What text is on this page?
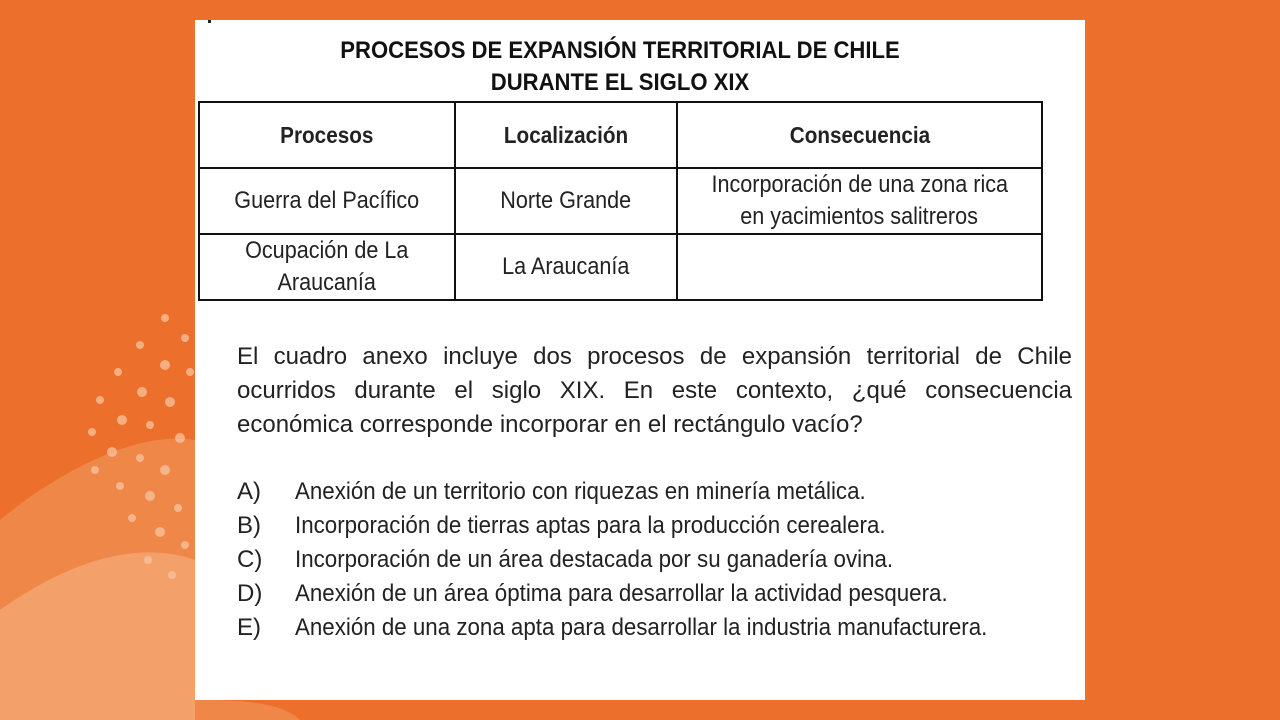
PROCESOS DE EXPANSIÓN TERRITORIAL DE CHILE
DURANTE EL SIGLO XIX
Procesos	Localización	Consecuencia
Guerra del Pacífico	Norte Grande	Incorporación de una zona rica
en yacimientos salitreros
Ocupación de La
Araucanía	La Araucanía	
El cuadro anexo incluye dos procesos de expansión territorial de Chile ocurridos durante el siglo XIX. En este contexto, ¿qué consecuencia económica corresponde incorporar en el rectángulo vacío?
A)	Anexión de un territorio con riquezas en minería metálica.
B)	Incorporación de tierras aptas para la producción cerealera.
C)	Incorporación de un área destacada por su ganadería ovina.
D)	Anexión de un área óptima para desarrollar la actividad pesquera.
E)	Anexión de una zona apta para desarrollar la industria manufacturera.
